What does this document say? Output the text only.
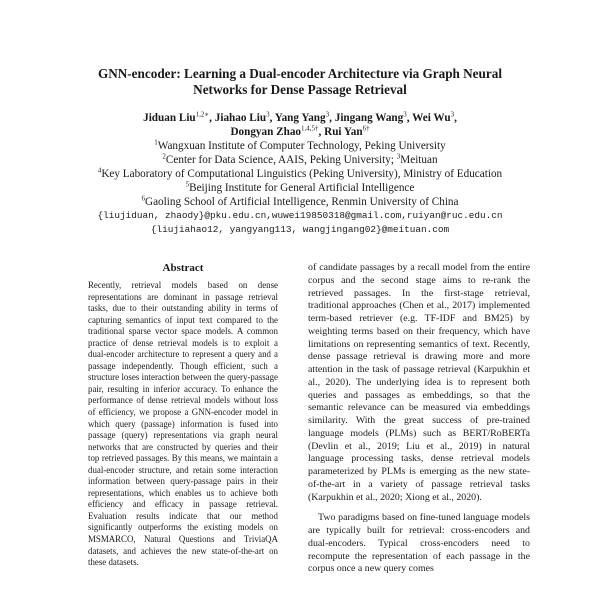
GNN-encoder: Learning a Dual-encoder Architecture via Graph Neural
Networks for Dense Passage Retrieval
Jiduan Liu$^{1,2∗}$, Jiahao Liu$^3$, Yang Yang$^3$, Jingang Wang$^3$, Wei Wu$^3$,
Dongyan Zhao$^{1,4,5\dagger}$, Rui Yan$^{6\dagger}$
$^1$Wangxuan Institute of Computer Technology, Peking University
$^2$Center for Data Science, AAIS, Peking University; $^3$Meituan
$^4$Key Laboratory of Computational Linguistics (Peking University), Ministry of Education
$^5$Beijing Institute for General Artificial Intelligence
$^6$Gaoling School of Artificial Intelligence, Renmin University of China
{liujiduan, zhaody}@pku.edu.cn,wuwei19850318@gmail.com,ruiyan@ruc.edu.cn
{liujiahao12, yangyang113, wangjingang02}@meituan.com
Abstract
Recently, retrieval models based on dense representations are dominant in passage retrieval tasks, due to their outstanding ability in terms of capturing semantics of input text compared to the traditional sparse vector space models. A common practice of dense retrieval models is to exploit a dual-encoder architecture to represent a query and a passage independently. Though efficient, such a structure loses interaction between the query-passage pair, resulting in inferior accuracy. To enhance the performance of dense retrieval models without loss of efficiency, we propose a GNN-encoder model in which query (passage) information is fused into passage (query) representations via graph neural networks that are constructed by queries and their top retrieved passages. By this means, we maintain a dual-encoder structure, and retain some interaction information between query-passage pairs in their representations, which enables us to achieve both efficiency and efficacy in passage retrieval. Evaluation results indicate that our method significantly outperforms the existing models on MSMARCO, Natural Questions and TriviaQA datasets, and achieves the new state-of-the-art on these datasets.

of candidate passages by a recall model from the entire corpus and the second stage aims to re-rank the retrieved passages. In the first-stage retrieval, traditional approaches (Chen et al., 2017) implemented term-based retriever (e.g. TF-IDF and BM25) by weighting terms based on their frequency, which have limitations on representing semantics of text. Recently, dense passage retrieval is drawing more and more attention in the task of passage retrieval (Karpukhin et al., 2020). The underlying idea is to represent both queries and passages as embeddings, so that the semantic relevance can be measured via embeddings similarity. With the great success of pre-trained language models (PLMs) such as BERT/RoBERTa (Devlin et al., 2019; Liu et al., 2019) in natural language processing tasks, dense retrieval models parameterized by PLMs is emerging as the new state-of-the-art in a variety of passage retrieval tasks (Karpukhin et al., 2020; Xiong et al., 2020).

Two paradigms based on fine-tuned language models are typically built for retrieval: cross-encoders and dual-encoders. Typical cross-encoders need to recompute the representation of each passage in the corpus once a new query comes
